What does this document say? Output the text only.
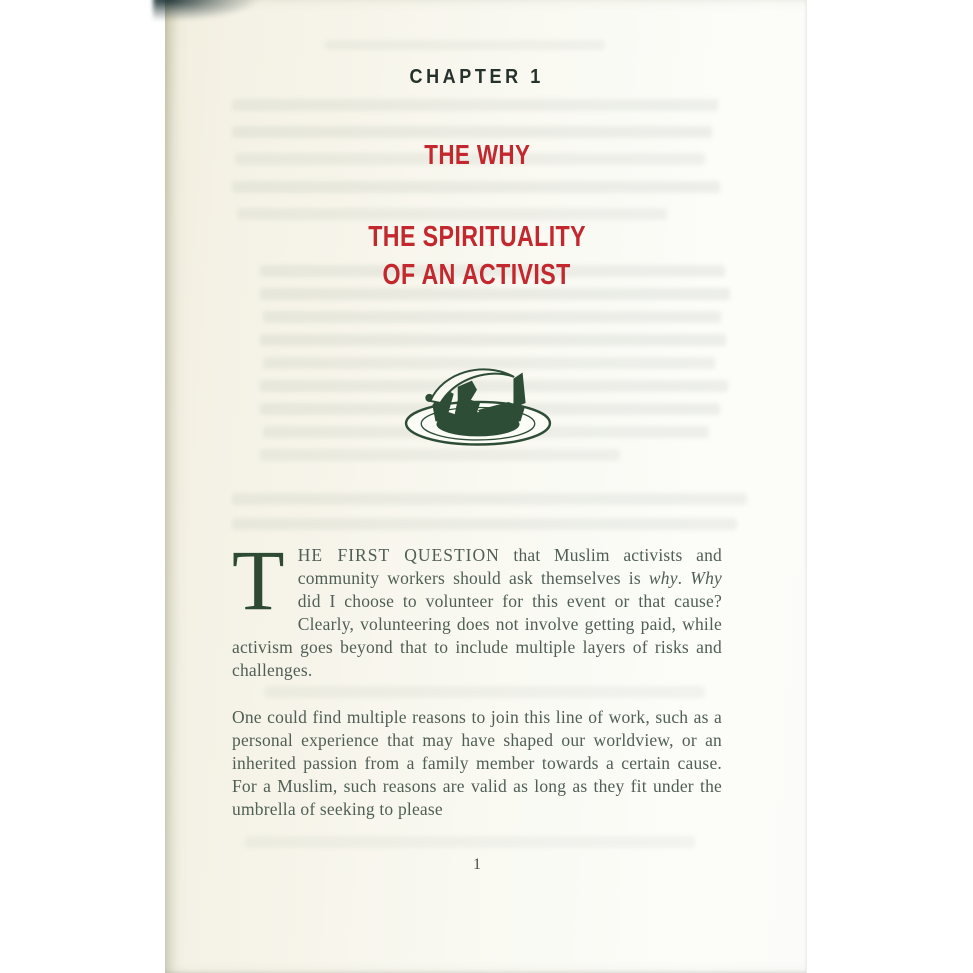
CHAPTER 1
THE WHY
THE SPIRITUALITY
OF AN ACTIVIST

THE FIRST QUESTION that Muslim activists and community workers should ask themselves is why. Why did I choose to volunteer for this event or that cause? Clearly, volunteering does not involve getting paid, while activism goes beyond that to include multiple layers of risks and challenges.

One could find multiple reasons to join this line of work, such as a personal experience that may have shaped our worldview, or an inherited passion from a family member towards a certain cause. For a Muslim, such reasons are valid as long as they fit under the umbrella of seeking to please

1
